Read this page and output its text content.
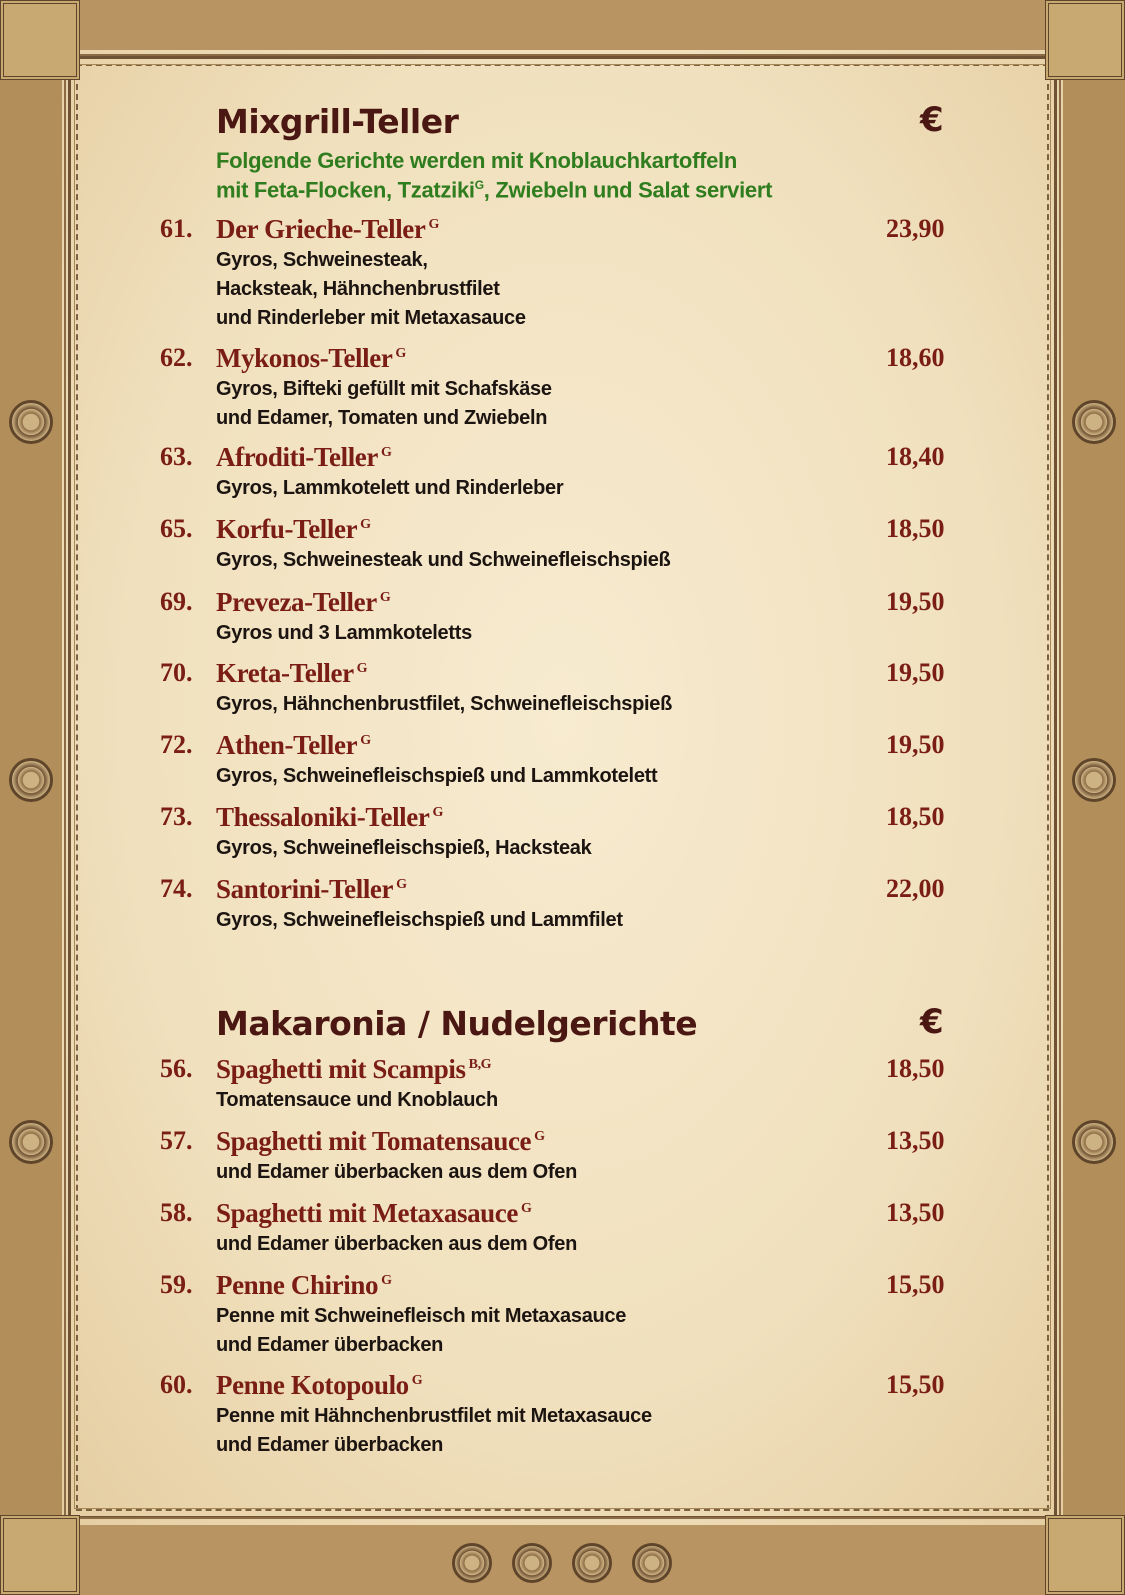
Mixgrill-Teller	€
Folgende Gerichte werden mit Knoblauchkartoffeln
mit Feta-Flocken, Tzatziki$^G$, Zwiebeln und Salat serviert
61. Der Grieche-Teller $^G$	23,90
Gyros, Schweinesteak,
Hacksteak, Hähnchenbrustfilet
und Rinderleber mit Metaxasauce
62. Mykonos-Teller $^G$	18,60
Gyros, Bifteki gefüllt mit Schafskäse
und Edamer, Tomaten und Zwiebeln
63. Afroditi-Teller $^G$	18,40
Gyros, Lammkotelett und Rinderleber
65. Korfu-Teller $^G$	18,50
Gyros, Schweinesteak und Schweinefleischspieß
69. Preveza-Teller $^G$	19,50
Gyros und 3 Lammkoteletts
70. Kreta-Teller $^G$	19,50
Gyros, Hähnchenbrustfilet, Schweinefleischspieß
72. Athen-Teller $^G$	19,50
Gyros, Schweinefleischspieß und Lammkotelett
73. Thessaloniki-Teller $^G$	18,50
Gyros, Schweinefleischspieß, Hacksteak
74. Santorini-Teller $^G$	22,00
Gyros, Schweinefleischspieß und Lammfilet
Makaronia / Nudelgerichte	€
56. Spaghetti mit Scampis $^{B,G}$	18,50
Tomatensauce und Knoblauch
57. Spaghetti mit Tomatensauce $^G$	13,50
und Edamer überbacken aus dem Ofen
58. Spaghetti mit Metaxasauce $^G$	13,50
und Edamer überbacken aus dem Ofen
59. Penne Chirino $^G$	15,50
Penne mit Schweinefleisch mit Metaxasauce
und Edamer überbacken
60. Penne Kotopoulo $^G$	15,50
Penne mit Hähnchenbrustfilet mit Metaxasauce
und Edamer überbacken
